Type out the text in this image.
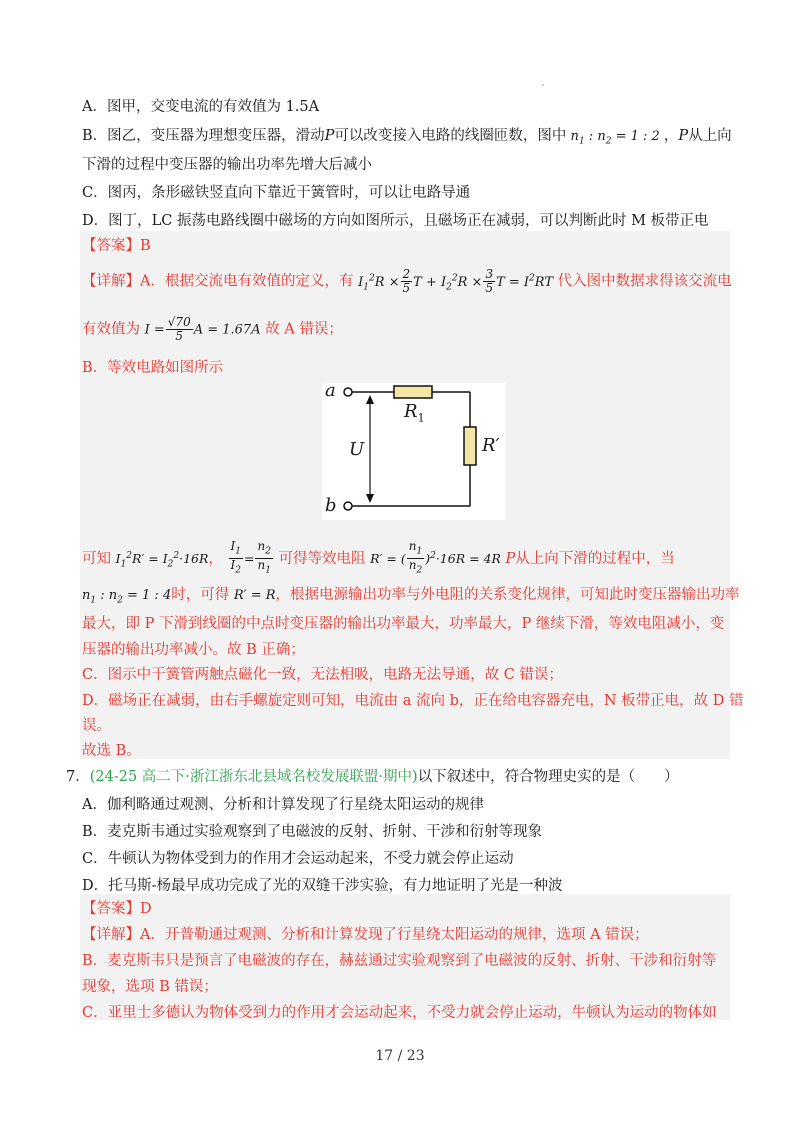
A．图甲，交变电流的有效值为 1.5A
B．图乙，变压器为理想变压器，滑动P可以改变接入电路的线圈匝数，图中 $n_1$ : $n_2 = 1$ : 2 ，P从上向
下滑的过程中变压器的输出功率先增大后减小
C．图丙，条形磁铁竖直向下靠近干簧管时，可以让电路导通
D．图丁，LC 振荡电路线圈中磁场的方向如图所示，且磁场正在减弱，可以判断此时 M 板带正电
【答案】B
【详解】A．根据交流电有效值的定义，有 $I_1^2R \times \frac{2}{5}$ $T + I_2^2R \times \frac{3}{5}$ $T = I^2RT$ 代入图中数据求得该交流电
有效值为 $I = \frac{√70}{5}$ A = 1.67A 故 A 错误；
B．等效电路如图所示
a
b
U
$R_1$
R′
可知 $I_1^2R' = I_2^2\cdot 16R$， $\frac{I_1}{I_2} = \frac{n_2}{n_1}$ 可得等效电阻 R′ = ( $\frac{n_1}{n_2} )^2\cdot 16R = 4R$ P从上向下滑的过程中，当
$n_1$ : $n_2 = 1$ : 4时，可得 R′ = R，根据电源输出功率与外电阻的关系变化规律，可知此时变压器输出功率
最大，即 P 下滑到线圈的中点时变压器的输出功率最大，功率最大，P 继续下滑，等效电阻减小，变
压器的输出功率减小。故 B 正确；
C．图示中干簧管两触点磁化一致，无法相吸，电路无法导通，故 C 错误；
D．磁场正在减弱，由右手螺旋定则可知，电流由 a 流向 b，正在给电容器充电，N 板带正电，故 D 错
误。
故选 B。
7．(24-25 高二下·浙江浙东北县域名校发展联盟·期中)以下叙述中，符合物理史实的是（　　）
A．伽利略通过观测、分析和计算发现了行星绕太阳运动的规律
B．麦克斯韦通过实验观察到了电磁波的反射、折射、干涉和衍射等现象
C．牛顿认为物体受到力的作用才会运动起来，不受力就会停止运动
D．托马斯-杨最早成功完成了光的双缝干涉实验，有力地证明了光是一种波
【答案】D
【详解】A．开普勒通过观测、分析和计算发现了行星绕太阳运动的规律，选项 A 错误；
B．麦克斯韦只是预言了电磁波的存在，赫兹通过实验观察到了电磁波的反射、折射、干涉和衍射等
现象，选项 B 错误；
C．亚里士多德认为物体受到力的作用才会运动起来，不受力就会停止运动，牛顿认为运动的物体如
17 / 23
